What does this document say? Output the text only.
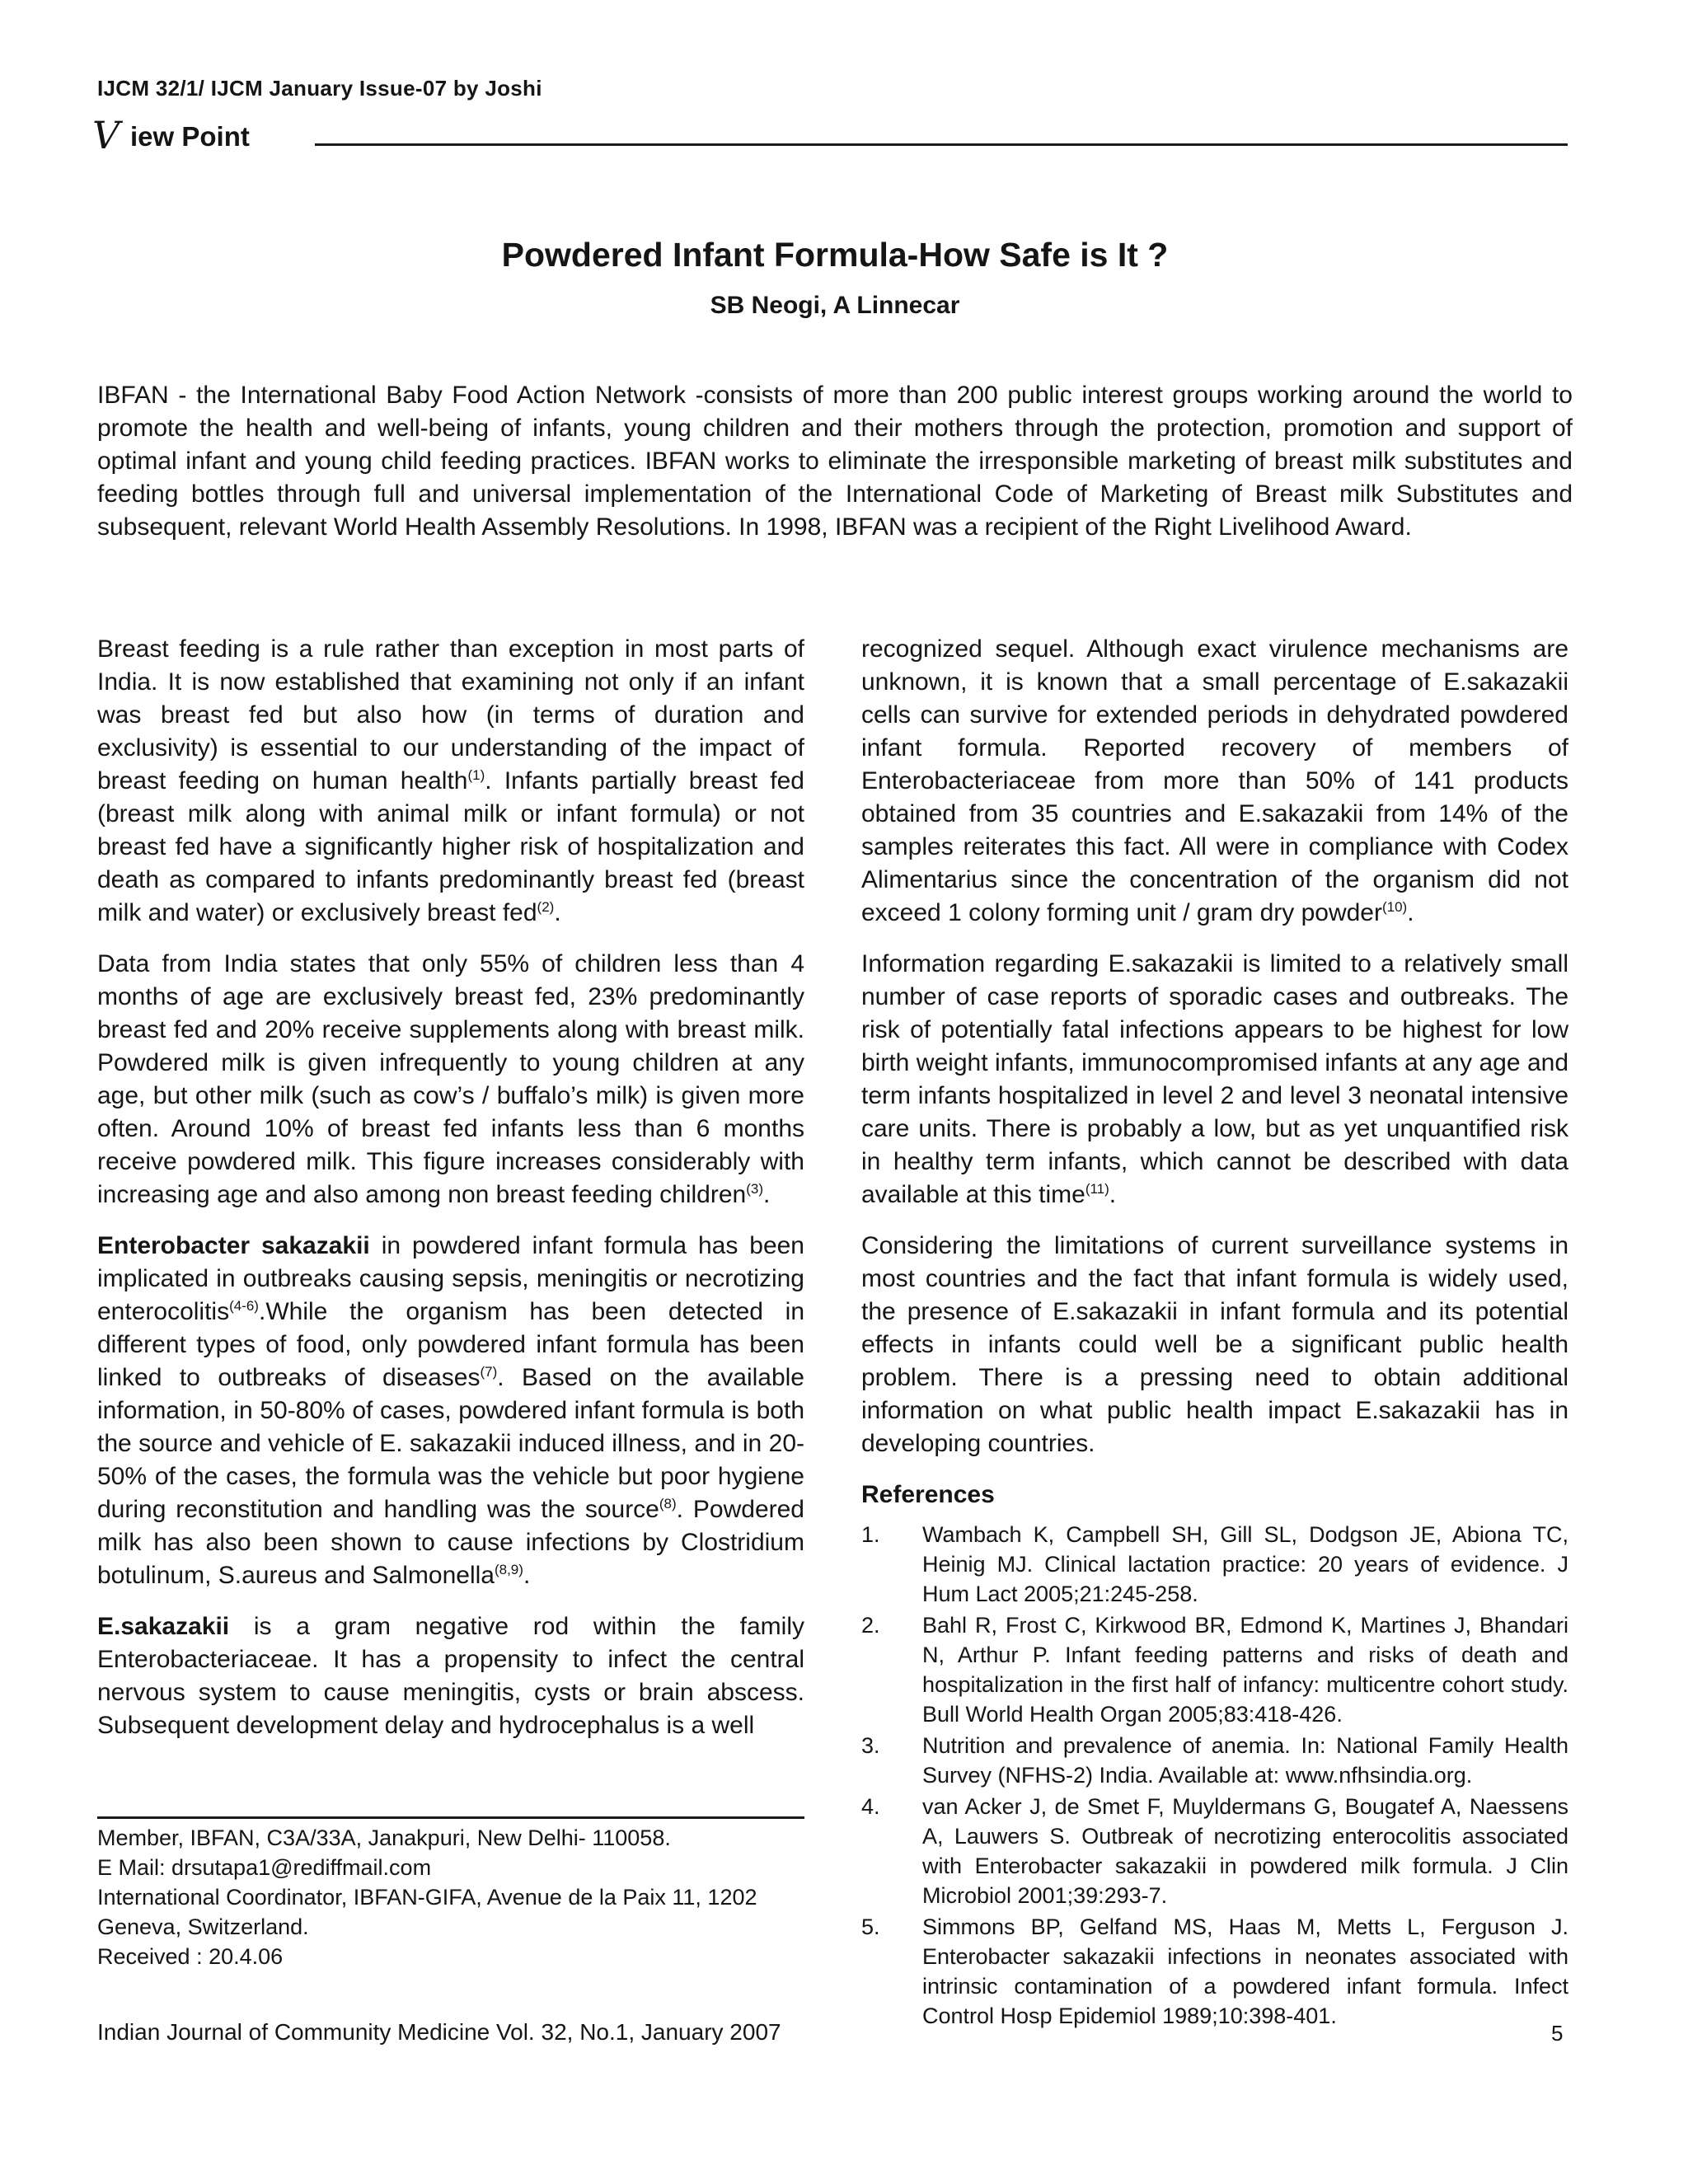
IJCM 32/1/ IJCM January Issue-07 by Joshi
V iew Point
Powdered Infant Formula-How Safe is It ?
SB Neogi, A Linnecar

IBFAN - the International Baby Food Action Network -consists of more than 200 public interest groups working around the world to promote the health and well-being of infants, young children and their mothers through the protection, promotion and support of optimal infant and young child feeding practices. IBFAN works to eliminate the irresponsible marketing of breast milk substitutes and feeding bottles through full and universal implementation of the International Code of Marketing of Breast milk Substitutes and subsequent, relevant World Health Assembly Resolutions. In 1998, IBFAN was a recipient of the Right Livelihood Award.

Breast feeding is a rule rather than exception in most parts of India. It is now established that examining not only if an infant was breast fed but also how (in terms of duration and exclusivity) is essential to our understanding of the impact of breast feeding on human health$^{(1)}$. Infants partially breast fed (breast milk along with animal milk or infant formula) or not breast fed have a significantly higher risk of hospitalization and death as compared to infants predominantly breast fed (breast milk and water) or exclusively breast fed$^{(2)}$.

Data from India states that only 55% of children less than 4 months of age are exclusively breast fed, 23% predominantly breast fed and 20% receive supplements along with breast milk. Powdered milk is given infrequently to young children at any age, but other milk (such as cow’s / buffalo’s milk) is given more often. Around 10% of breast fed infants less than 6 months receive powdered milk. This figure increases considerably with increasing age and also among non breast feeding children$^{(3)}$.

Enterobacter sakazakii in powdered infant formula has been implicated in outbreaks causing sepsis, meningitis or necrotizing enterocolitis$^{(4-6)}$.While the organism has been detected in different types of food, only powdered infant formula has been linked to outbreaks of diseases$^{(7)}$. Based on the available information, in 50-80% of cases, powdered infant formula is both the source and vehicle of E. sakazakii induced illness, and in 20-50% of the cases, the formula was the vehicle but poor hygiene during reconstitution and handling was the source$^{(8)}$. Powdered milk has also been shown to cause infections by Clostridium botulinum, S.aureus and Salmonella$^{(8,9)}$.

E.sakazakii is a gram negative rod within the family Enterobacteriaceae. It has a propensity to infect the central nervous system to cause meningitis, cysts or brain abscess. Subsequent development delay and hydrocephalus is a well

recognized sequel. Although exact virulence mechanisms are unknown, it is known that a small percentage of E.sakazakii cells can survive for extended periods in dehydrated powdered infant formula. Reported recovery of members of Enterobacteriaceae from more than 50% of 141 products obtained from 35 countries and E.sakazakii from 14% of the samples reiterates this fact. All were in compliance with Codex Alimentarius since the concentration of the organism did not exceed 1 colony forming unit / gram dry powder$^{(10)}$.

Information regarding E.sakazakii is limited to a relatively small number of case reports of sporadic cases and outbreaks. The risk of potentially fatal infections appears to be highest for low birth weight infants, immunocompromised infants at any age and term infants hospitalized in level 2 and level 3 neonatal intensive care units. There is probably a low, but as yet unquantified risk in healthy term infants, which cannot be described with data available at this time$^{(11)}$.

Considering the limitations of current surveillance systems in most countries and the fact that infant formula is widely used, the presence of E.sakazakii in infant formula and its potential effects in infants could well be a significant public health problem. There is a pressing need to obtain additional information on what public health impact E.sakazakii has in developing countries.

References
1.	Wambach K, Campbell SH, Gill SL, Dodgson JE, Abiona TC, Heinig MJ. Clinical lactation practice: 20 years of evidence. J Hum Lact 2005;21:245-258.
2.	Bahl R, Frost C, Kirkwood BR, Edmond K, Martines J, Bhandari N, Arthur P. Infant feeding patterns and risks of death and hospitalization in the first half of infancy: multicentre cohort study. Bull World Health Organ 2005;83:418-426.
3.	Nutrition and prevalence of anemia. In: National Family Health Survey (NFHS-2) India. Available at: www.nfhsindia.org.
4.	van Acker J, de Smet F, Muyldermans G, Bougatef A, Naessens A, Lauwers S. Outbreak of necrotizing enterocolitis associated with Enterobacter sakazakii in powdered milk formula. J Clin Microbiol 2001;39:293-7.
5.	Simmons BP, Gelfand MS, Haas M, Metts L, Ferguson J. Enterobacter sakazakii infections in neonates associated with intrinsic contamination of a powdered infant formula. Infect Control Hosp Epidemiol 1989;10:398-401.
Member, IBFAN, C3A/33A, Janakpuri, New Delhi- 110058.
E Mail: drsutapa1@rediffmail.com
International Coordinator, IBFAN-GIFA, Avenue de la Paix 11, 1202 Geneva, Switzerland.
Received : 20.4.06
Indian Journal of Community Medicine Vol. 32, No.1, January 2007	5
